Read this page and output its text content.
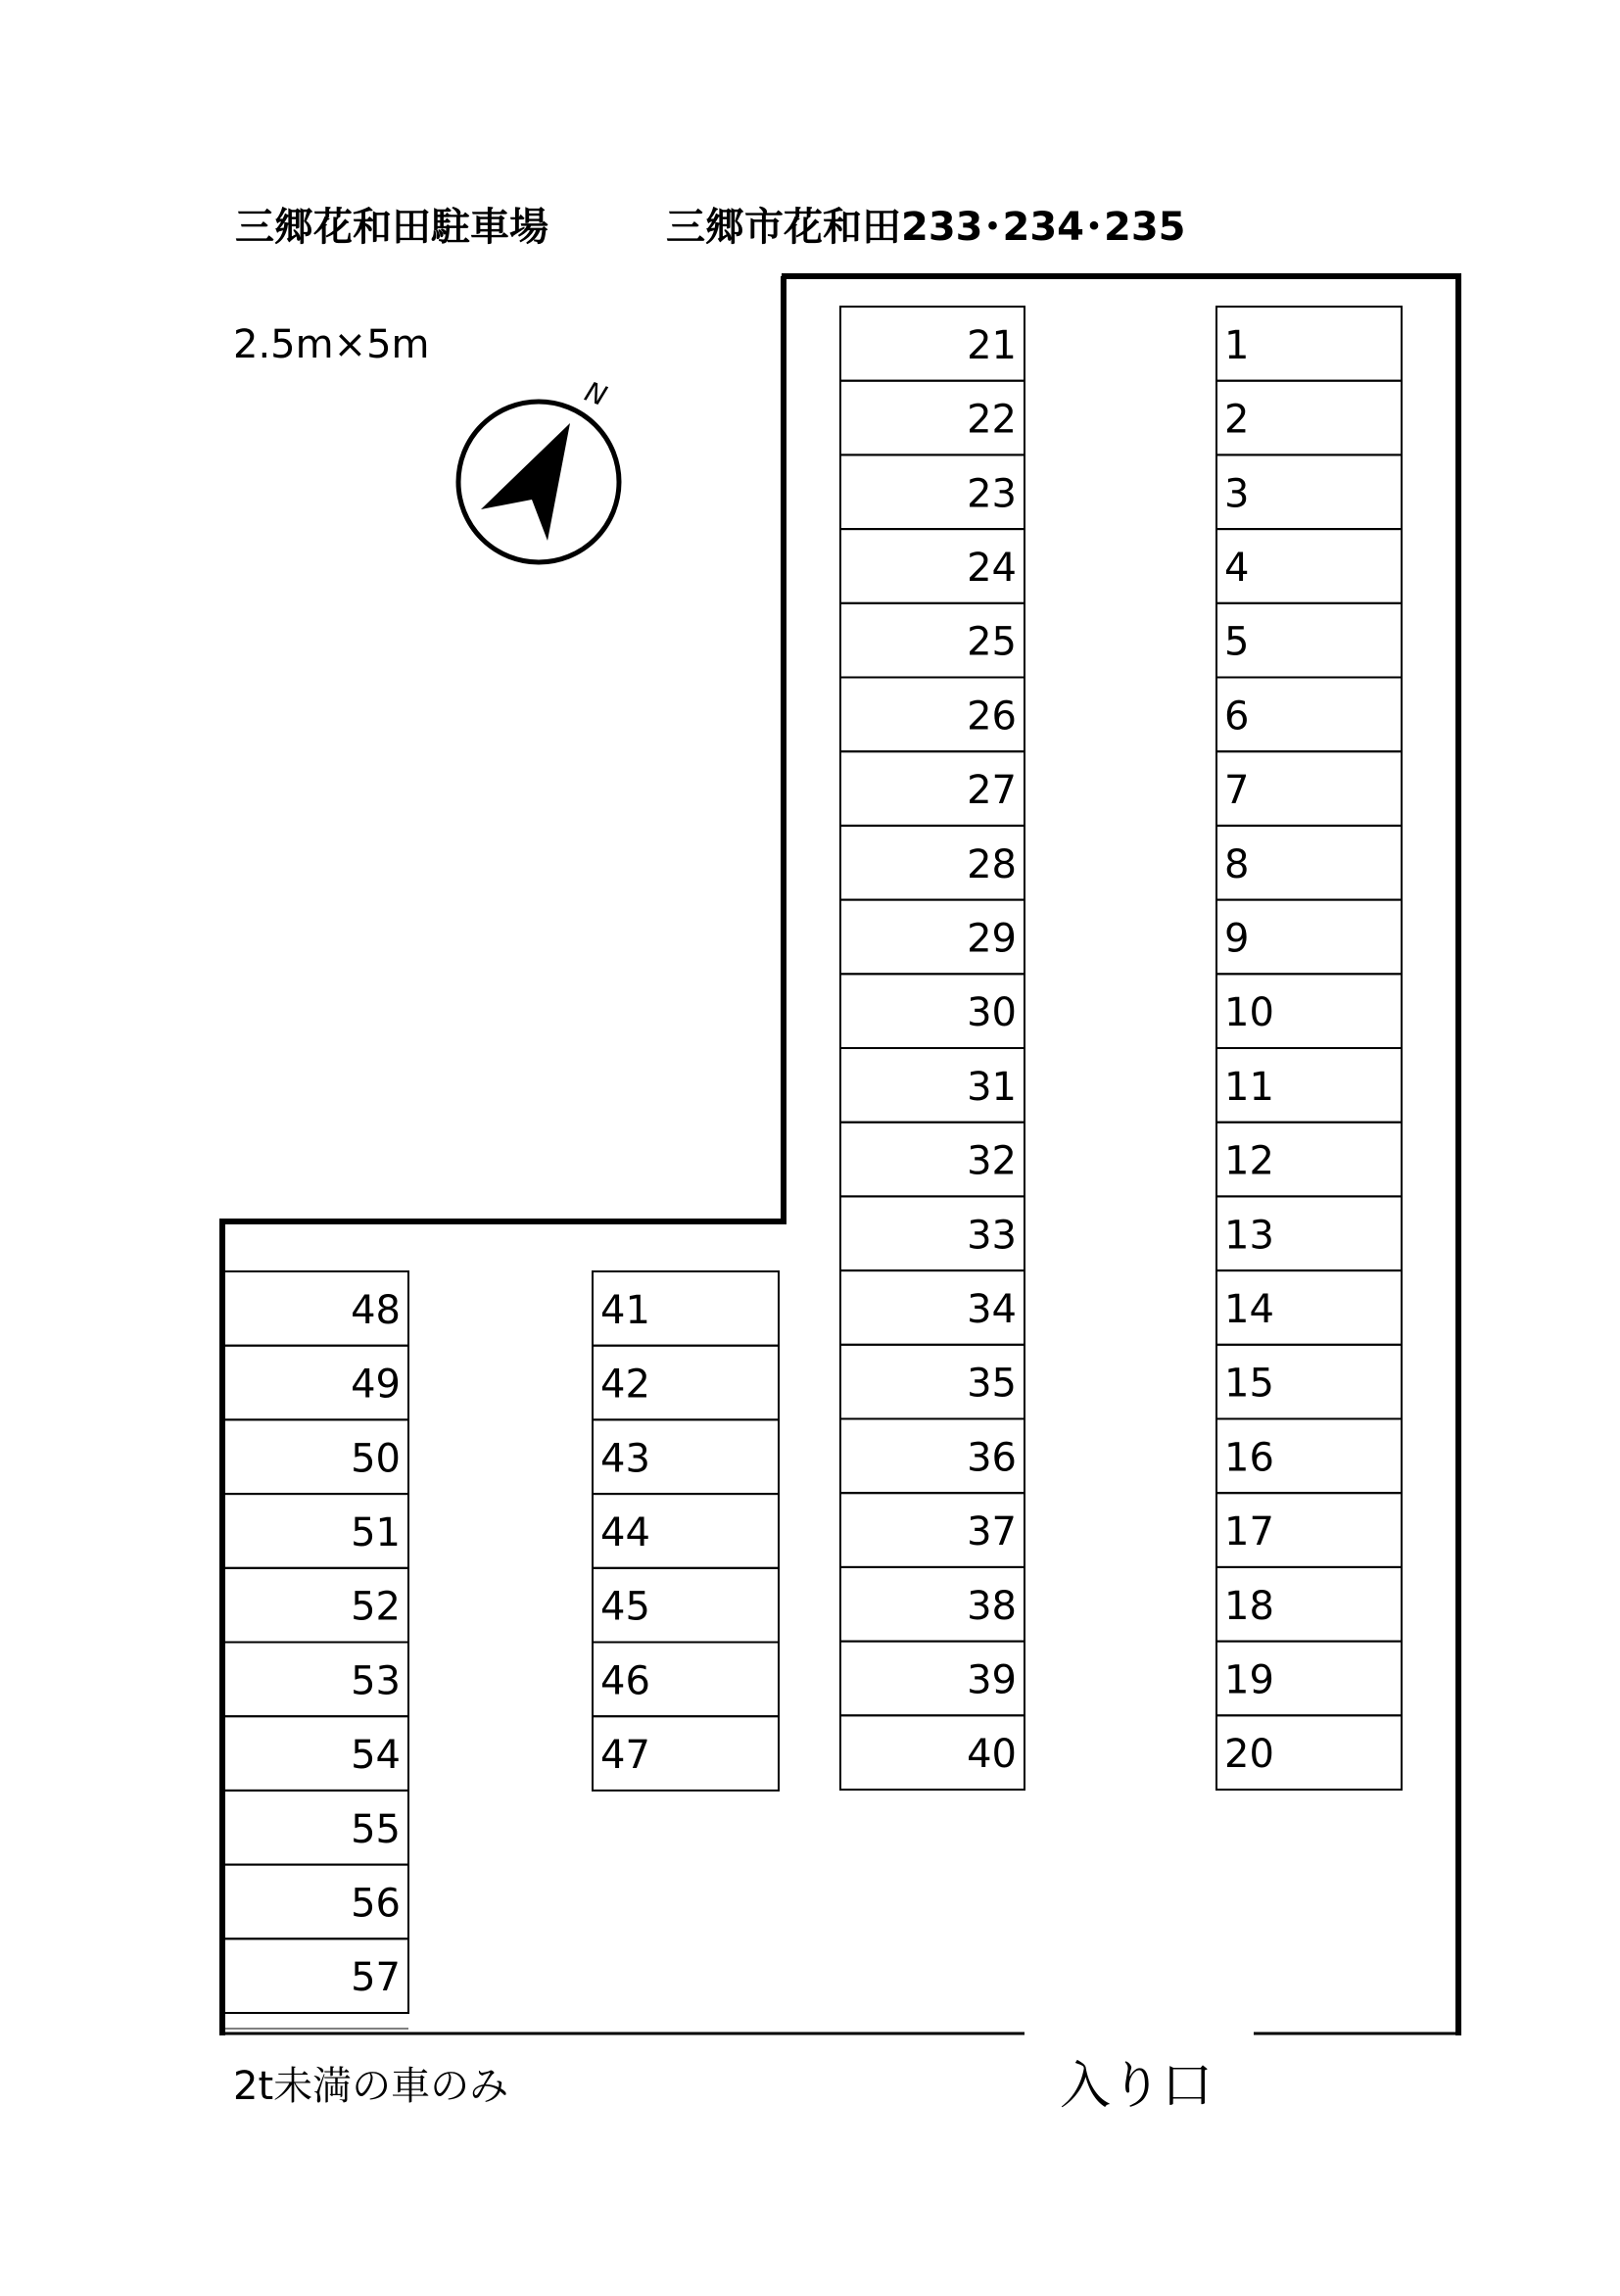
三郷花和田駐車場	三郷市花和田233･234･235
2.5m×5m
2t未満の車のみ	入り口
N
48
49
50
51
52
53
54
55
56
57
41
42
43
44
45
46
47
21
22
23
24
25
26
27
28
29
30
31
32
33
34
35
36
37
38
39
40
1
2
3
4
5
6
7
8
9
10
11
12
13
14
15
16
17
18
19
20
